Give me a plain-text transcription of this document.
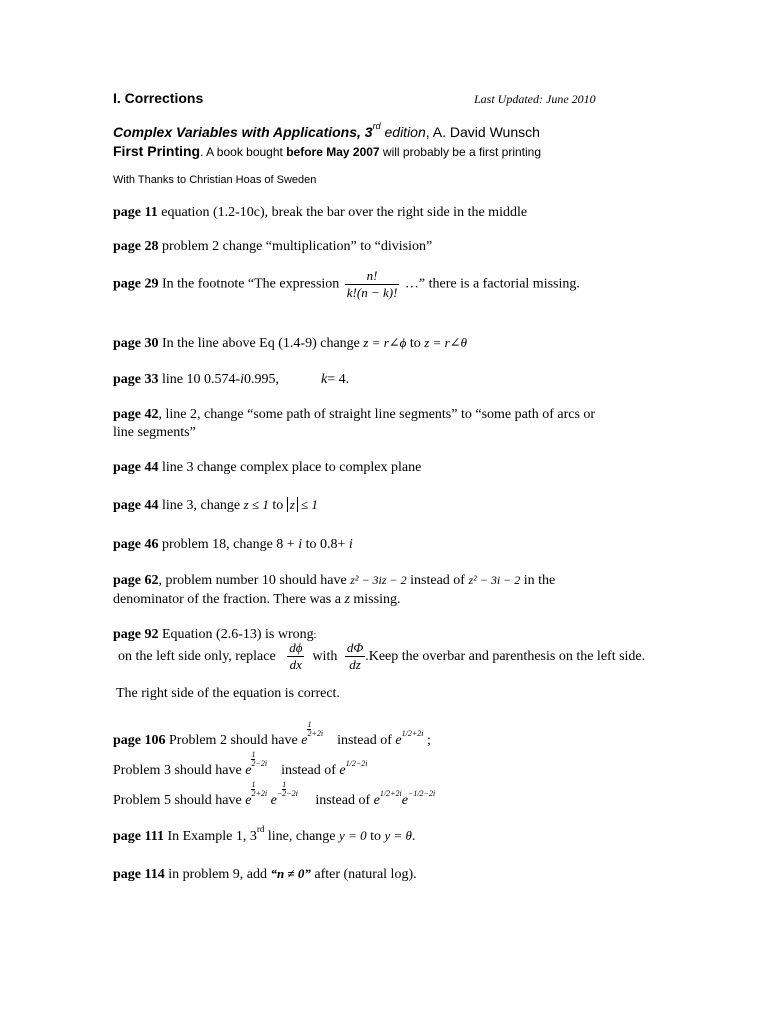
I. Corrections	Last Updated: June 2010
Complex Variables with Applications, 3rd edition, A. David Wunsch
First Printing. A book bought before May 2007 will probably be a first printing
With Thanks to Christian Hoas of Sweden
page 11 equation (1.2-10c), break the bar over the right side in the middle
page 28 problem 2 change “multiplication” to “division”
page 29 In the footnote “The expression $\frac{n!}{k!(n - k)!}$ …” there is a factorial missing.
page 30 In the line above Eq (1.4-9) change z = r∠ϕ to z = r∠θ
page 33 line 10 0.574-i0.995,	k= 4.
page 42, line 2, change “some path of straight line segments” to “some path of arcs or
line segments”
page 44 line 3 change complex place to complex plane
page 44 line 3, change z ≤ 1 to z ≤ 1
page 46 problem 18, change 8 + i to 0.8+ i
page 62, problem number 10 should have z² − 3iz − 2 instead of z² − 3i − 2 in the
denominator of the fraction. There was a z missing.
page 92 Equation (2.6-13) is wrong:
on the left side only, replace $\frac{d\phi}{dx}$ with $\frac{d\Phi}{dz}$ .Keep the overbar and parenthesis on the left side.
The right side of the equation is correct.
page 106 Problem 2 should have e
$\frac{1}{2} ^{+2i}$ instead of $e^{1/2+2i}$ ;
Problem 3 should have e
$\frac{1}{2} ^{-2i}$ instead of $e^{1/2-2i}$
Problem 5 should have e
$\frac{1}{2} ^{+2i}$ $e^- \frac{1}{2} ^{-2i}$ instead of $e^{1/2+2i}e^{-1/2-2i}$
page 111 In Example 1, 3rd line, change y = 0 to y = θ.
page 114 in problem 9, add “n ≠ 0” after (natural log).
